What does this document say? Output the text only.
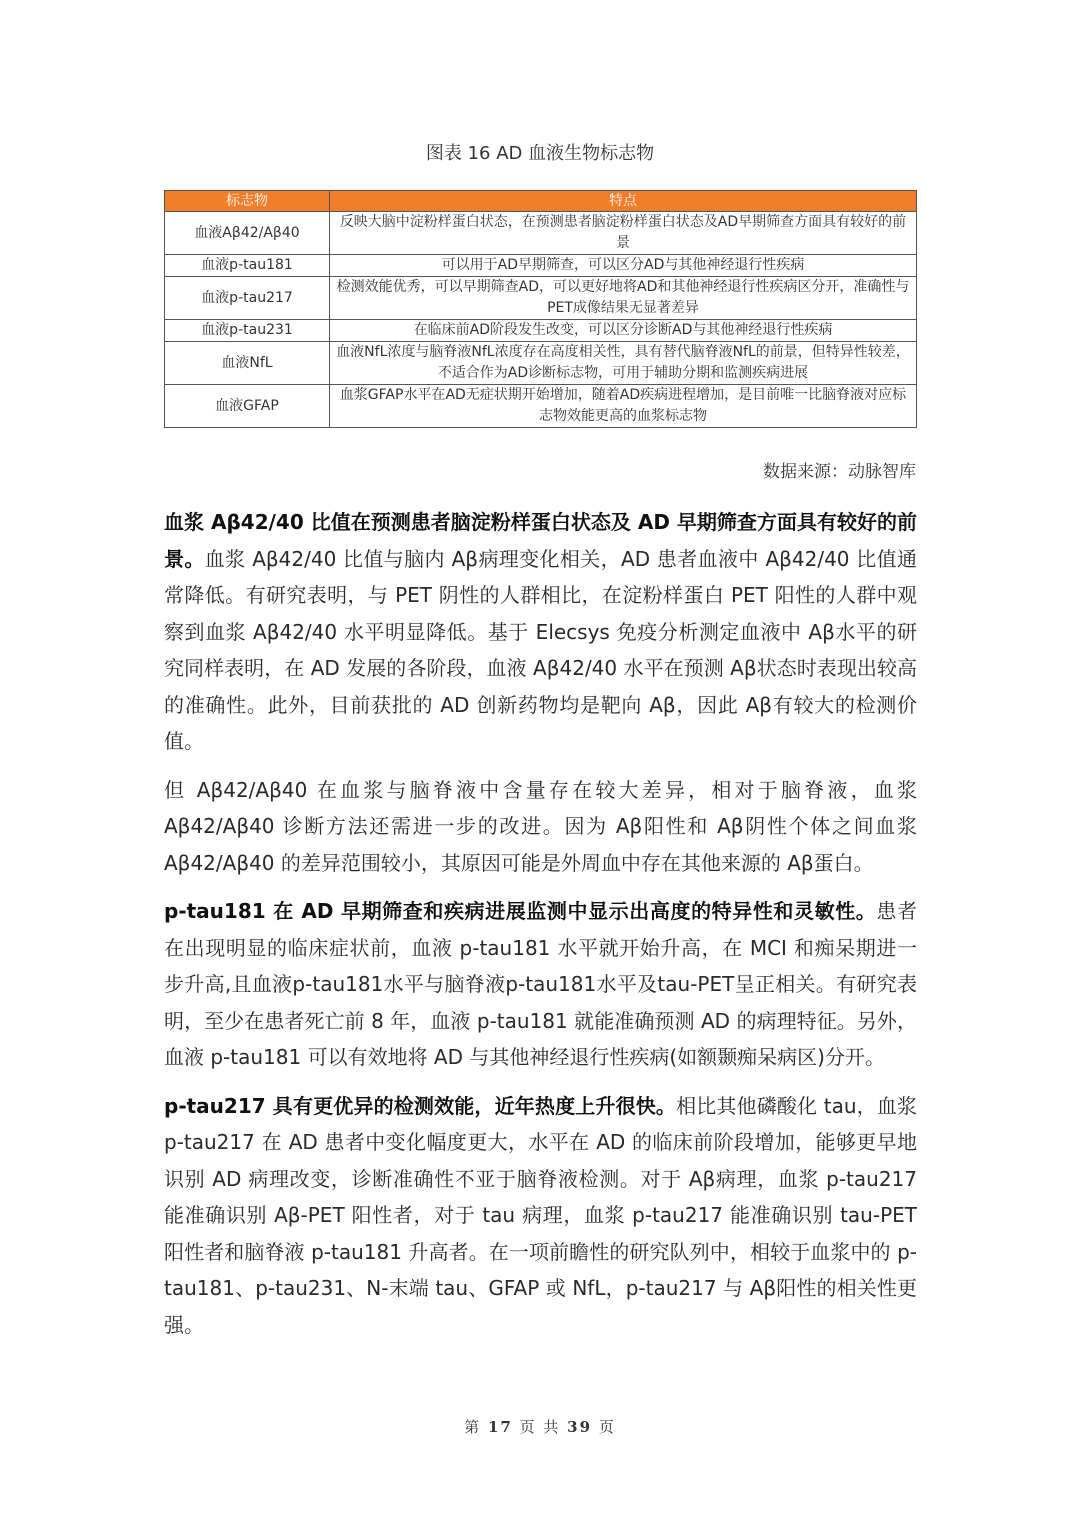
图表 16 AD 血液生物标志物
标志物	特点
血液Aβ42/Aβ40	反映大脑中淀粉样蛋白状态，在预测患者脑淀粉样蛋白状态及AD早期筛查方面具有较好的前景
血液p-tau181	可以用于AD早期筛查，可以区分AD与其他神经退行性疾病
血液p-tau217	检测效能优秀，可以早期筛查AD，可以更好地将AD和其他神经退行性疾病区分开，准确性与PET成像结果无显著差异
血液p-tau231	在临床前AD阶段发生改变，可以区分诊断AD与其他神经退行性疾病
血液NfL	血液NfL浓度与脑脊液NfL浓度存在高度相关性，具有替代脑脊液NfL的前景，但特异性较差，不适合作为AD诊断标志物，可用于辅助分期和监测疾病进展
血液GFAP	血浆GFAP水平在AD无症状期开始增加，随着AD疾病进程增加，是目前唯一比脑脊液对应标志物效能更高的血浆标志物
数据来源：动脉智库

血浆 Aβ42/40 比值在预测患者脑淀粉样蛋白状态及 AD 早期筛查方面具有较好的前景。血浆 Aβ42/40 比值与脑内 Aβ病理变化相关，AD 患者血液中 Aβ42/40 比值通常降低。有研究表明，与 PET 阴性的人群相比，在淀粉样蛋白 PET 阳性的人群中观察到血浆 Aβ42/40 水平明显降低。基于 Elecsys 免疫分析测定血液中 Aβ水平的研究同样表明，在 AD 发展的各阶段，血液 Aβ42/40 水平在预测 Aβ状态时表现出较高的准确性。此外，目前获批的 AD 创新药物均是靶向 Aβ，因此 Aβ有较大的检测价值。

但 Aβ42/Aβ40 在血浆与脑脊液中含量存在较大差异，相对于脑脊液，血浆 Aβ42/Aβ40 诊断方法还需进一步的改进。因为 Aβ阳性和 Aβ阴性个体之间血浆 Aβ42/Aβ40 的差异范围较小，其原因可能是外周血中存在其他来源的 Aβ蛋白。

p-tau181 在 AD 早期筛查和疾病进展监测中显示出高度的特异性和灵敏性。患者在出现明显的临床症状前，血液 p-tau181 水平就开始升高，在 MCI 和痴呆期进一步升高,且血液p-tau181水平与脑脊液p-tau181水平及tau-PET呈正相关。有研究表明，至少在患者死亡前 8 年，血液 p-tau181 就能准确预测 AD 的病理特征。另外，血液 p-tau181 可以有效地将 AD 与其他神经退行性疾病(如额颞痴呆病区)分开。

p-tau217 具有更优异的检测效能，近年热度上升很快。相比其他磷酸化 tau，血浆 p-tau217 在 AD 患者中变化幅度更大，水平在 AD 的临床前阶段增加，能够更早地识别 AD 病理改变，诊断准确性不亚于脑脊液检测。对于 Aβ病理，血浆 p-tau217 能准确识别 Aβ-PET 阳性者，对于 tau 病理，血浆 p-tau217 能准确识别 tau-PET 阳性者和脑脊液 p-tau181 升高者。在一项前瞻性的研究队列中，相较于血浆中的 p-tau181、p-tau231、N-末端 tau、GFAP 或 NfL，p-tau217 与 Aβ阳性的相关性更强。

第 17 页 共 39 页
